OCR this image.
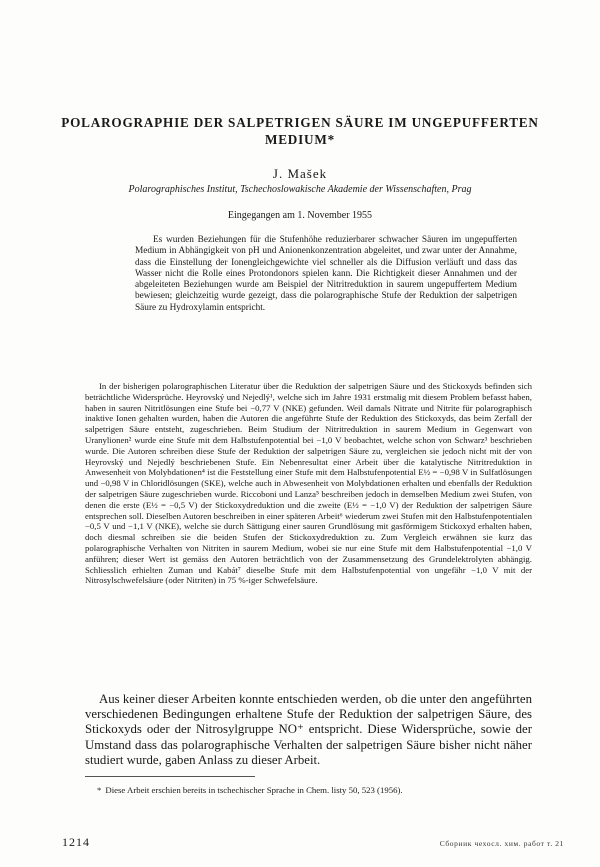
POLAROGRAPHIE DER SALPETRIGEN SÄURE IM UNGEPUFFERTEN MEDIUM*
J. Mašek
Polarographisches Institut, Tschechoslowakische Akademie der Wissenschaften, Prag
Eingegangen am 1. November 1955

Es wurden Beziehungen für die Stufenhöhe reduzierbarer schwacher Säuren im ungepufferten Medium in Abhängigkeit von pH und Anionenkonzentration abgeleitet, und zwar unter der Annahme, dass die Einstellung der Ionengleichgewichte viel schneller als die Diffusion verläuft und dass das Wasser nicht die Rolle eines Protondonors spielen kann. Die Richtigkeit dieser Annahmen und der abgeleiteten Beziehungen wurde am Beispiel der Nitritreduktion in saurem ungepuffertem Medium bewiesen; gleichzeitig wurde gezeigt, dass die polarographische Stufe der Reduktion der salpetrigen Säure zu Hydroxylamin entspricht.

In der bisherigen polarographischen Literatur über die Reduktion der salpetrigen Säure und des Stickoxyds befinden sich beträchtliche Widersprüche. Heyrovský und Nejedlý¹, welche sich im Jahre 1931 erstmalig mit diesem Problem befasst haben, haben in sauren Nitritlösungen eine Stufe bei −0,77 V (NKE) gefunden. Weil damals Nitrate und Nitrite für polarographisch inaktive Ionen gehalten wurden, haben die Autoren die angeführte Stufe der Reduktion des Stickoxyds, das beim Zerfall der salpetrigen Säure entsteht, zugeschrieben. Beim Studium der Nitritreduktion in saurem Medium in Gegenwart von Uranylionen² wurde eine Stufe mit dem Halbstufenpotential bei −1,0 V beobachtet, welche schon von Schwarz³ beschrieben wurde. Die Autoren schreiben diese Stufe der Reduktion der salpetrigen Säure zu, vergleichen sie jedoch nicht mit der von Heyrovský und Nejedlý beschriebenen Stufe. Ein Nebenresultat einer Arbeit über die katalytische Nitritreduktion in Anwesenheit von Molybdationen⁴ ist die Feststellung einer Stufe mit dem Halbstufenpotential E½ = −0,98 V in Sulfatlösungen und −0,98 V in Chloridlösungen (SKE), welche auch in Abwesenheit von Molybdationen erhalten und ebenfalls der Reduktion der salpetrigen Säure zugeschrieben wurde. Riccoboni und Lanza⁵ beschreiben jedoch in demselben Medium zwei Stufen, von denen die erste (E½ = −0,5 V) der Stickoxydreduktion und die zweite (E½ = −1,0 V) der Reduktion der salpetrigen Säure entsprechen soll. Dieselben Autoren beschreiben in einer späteren Arbeit⁶ wiederum zwei Stufen mit den Halbstufenpotentialen −0,5 V und −1,1 V (NKE), welche sie durch Sättigung einer sauren Grundlösung mit gasförmigem Stickoxyd erhalten haben, doch diesmal schreiben sie die beiden Stufen der Stickoxydreduktion zu. Zum Vergleich erwähnen sie kurz das polarographische Verhalten von Nitriten in saurem Medium, wobei sie nur eine Stufe mit dem Halbstufenpotential −1,0 V anführen; dieser Wert ist gemäss den Autoren beträchtlich von der Zusammensetzung des Grundelektrolyten abhängig. Schliesslich erhielten Zuman und Kabát⁷ dieselbe Stufe mit dem Halbstufenpotential von ungefähr −1,0 V mit der Nitrosylschwefelsäure (oder Nitriten) in 75 %-iger Schwefelsäure.

Aus keiner dieser Arbeiten konnte entschieden werden, ob die unter den angeführten verschiedenen Bedingungen erhaltene Stufe der Reduktion der salpetrigen Säure, des Stickoxyds oder der Nitrosylgruppe NO⁺ entspricht. Diese Widersprüche, sowie der Umstand dass das polarographische Verhalten der salpetrigen Säure bisher nicht näher studiert wurde, gaben Anlass zu dieser Arbeit.

* Diese Arbeit erschien bereits in tschechischer Sprache in Chem. listy 50, 523 (1956).
1214	Сборник чехосл. хим. работ т. 21
